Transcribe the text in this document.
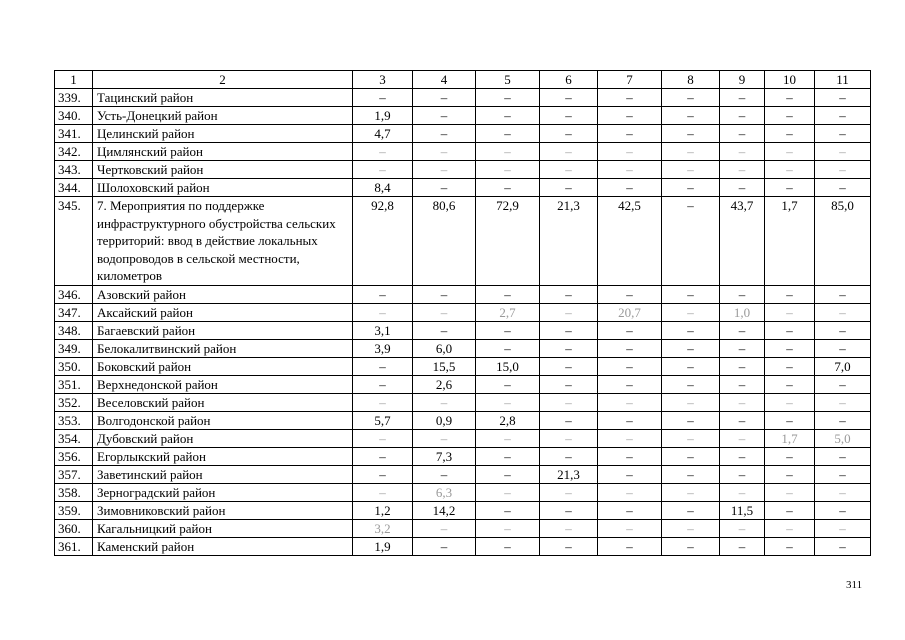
1	2	3	4	5	6	7	8	9	10	11
339.	Тацинский район	–	–	–	–	–	–	–	–	–
340.	Усть-Донецкий район	1,9	–	–	–	–	–	–	–	–
341.	Целинский район	4,7	–	–	–	–	–	–	–	–
342.	Цимлянский район	–	–	–	–	–	–	–	–	–
343.	Чертковский район	–	–	–	–	–	–	–	–	–
344.	Шолоховский район	8,4	–	–	–	–	–	–	–	–
345.	7. Мероприятия по поддержке инфраструктурного обустройства сельских территорий: ввод в действие локальных водопроводов в сельской местности, километров	92,8	80,6	72,9	21,3	42,5	–	43,7	1,7	85,0
346.	Азовский район	–	–	–	–	–	–	–	–	–
347.	Аксайский район	–	–	2,7	–	20,7	–	1,0	–	–
348.	Багаевский район	3,1	–	–	–	–	–	–	–	–
349.	Белокалитвинский район	3,9	6,0	–	–	–	–	–	–	–
350.	Боковский район	–	15,5	15,0	–	–	–	–	–	7,0
351.	Верхнедонской район	–	2,6	–	–	–	–	–	–	–
352.	Веселовский район	–	–	–	–	–	–	–	–	–
353.	Волгодонской район	5,7	0,9	2,8	–	–	–	–	–	–
354.	Дубовский район	–	–	–	–	–	–	–	1,7	5,0
356.	Егорлыкский район	–	7,3	–	–	–	–	–	–	–
357.	Заветинский район	–	–	–	21,3	–	–	–	–	–
358.	Зерноградский район	–	6,3	–	–	–	–	–	–	–
359.	Зимовниковский район	1,2	14,2	–	–	–	–	11,5	–	–
360.	Кагальницкий район	3,2	–	–	–	–	–	–	–	–
361.	Каменский район	1,9	–	–	–	–	–	–	–	–
311
